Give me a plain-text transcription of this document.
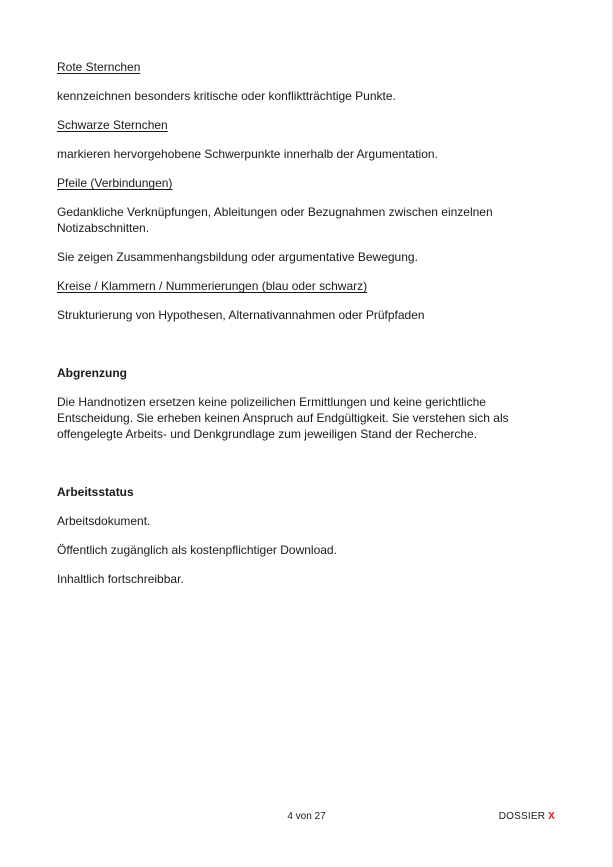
Rote Sternchen
kennzeichnen besonders kritische oder konfliktträchtige Punkte.
Schwarze Sternchen
markieren hervorgehobene Schwerpunkte innerhalb der Argumentation.
Pfeile (Verbindungen)
Gedankliche Verknüpfungen, Ableitungen oder Bezugnahmen zwischen einzelnen Notizabschnitten.
Sie zeigen Zusammenhangsbildung oder argumentative Bewegung.
Kreise / Klammern / Nummerierungen (blau oder schwarz)
Strukturierung von Hypothesen, Alternativannahmen oder Prüfpfaden
Abgrenzung
Die Handnotizen ersetzen keine polizeilichen Ermittlungen und keine gerichtliche Entscheidung. Sie erheben keinen Anspruch auf Endgültigkeit. Sie verstehen sich als offengelegte Arbeits- und Denkgrundlage zum jeweiligen Stand der Recherche.
Arbeitsstatus
Arbeitsdokument.
Öffentlich zugänglich als kostenpflichtiger Download.
Inhaltlich fortschreibbar.
4 von 27	DOSSIER X
